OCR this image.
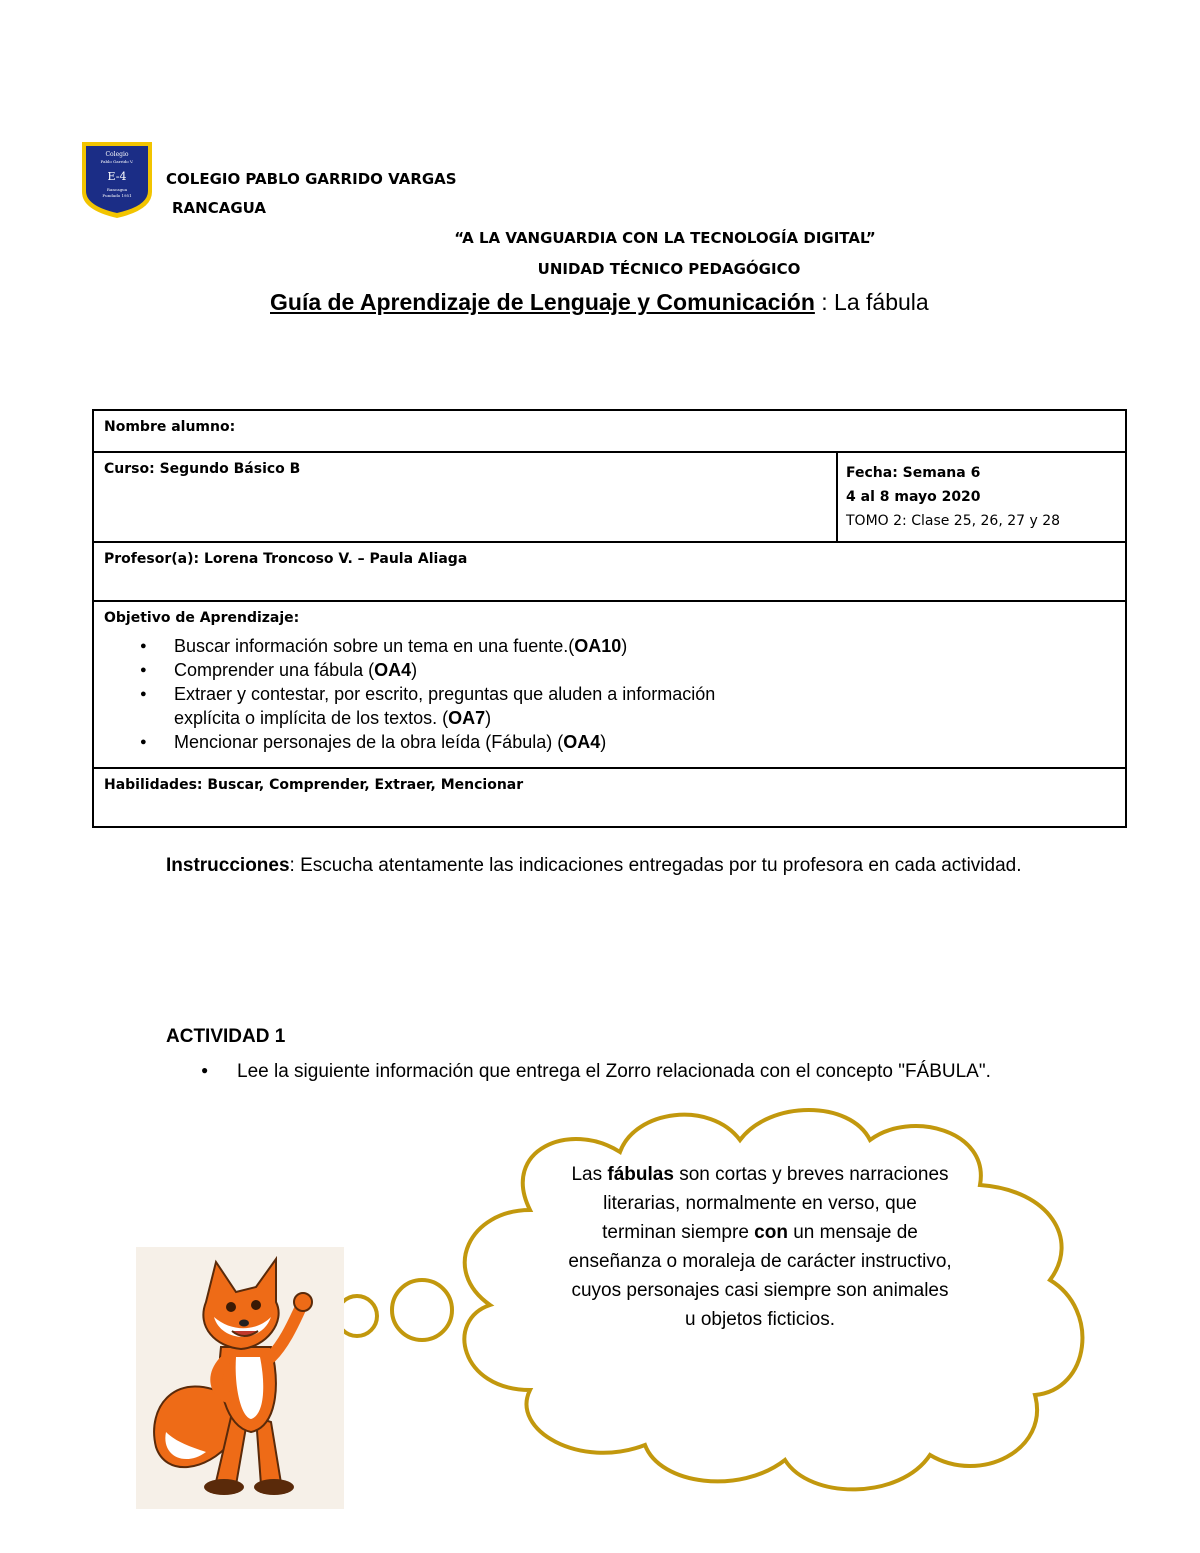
Colegio
Pablo Garrido V.
E-4
Rancagua
Fundado 1951
COLEGIO PABLO GARRIDO VARGAS
RANCAGUA
“A LA VANGUARDIA CON LA TECNOLOGÍA DIGITAL”
UNIDAD TÉCNICO PEDAGÓGICO
Guía de Aprendizaje de Lenguaje y Comunicación : La fábula
Nombre alumno:
Curso: Segundo Básico B	Fecha: Semana 6
4 al 8 mayo 2020
TOMO 2: Clase 25, 26, 27 y 28

Profesor(a): Lorena Troncoso V. – Paula Aliaga

Objetivo de Aprendizaje:
● Buscar información sobre un tema en una fuente.(OA10)
● Comprender una fábula (OA4)
● Extraer y contestar, por escrito, preguntas que aluden a información explícita o implícita de los textos. (OA7)
● Mencionar personajes de la obra leída (Fábula) (OA4)

Habilidades: Buscar, Comprender, Extraer, Mencionar
Instrucciones: Escucha atentamente las indicaciones entregadas por tu profesora en cada actividad.
ACTIVIDAD 1
● Lee la siguiente información que entrega el Zorro relacionada con el concepto "FÁBULA".
Las fábulas son cortas y breves narraciones literarias, normalmente en verso, que terminan siempre con un mensaje de enseñanza o moraleja de carácter instructivo, cuyos personajes casi siempre son animales u objetos ficticios.
